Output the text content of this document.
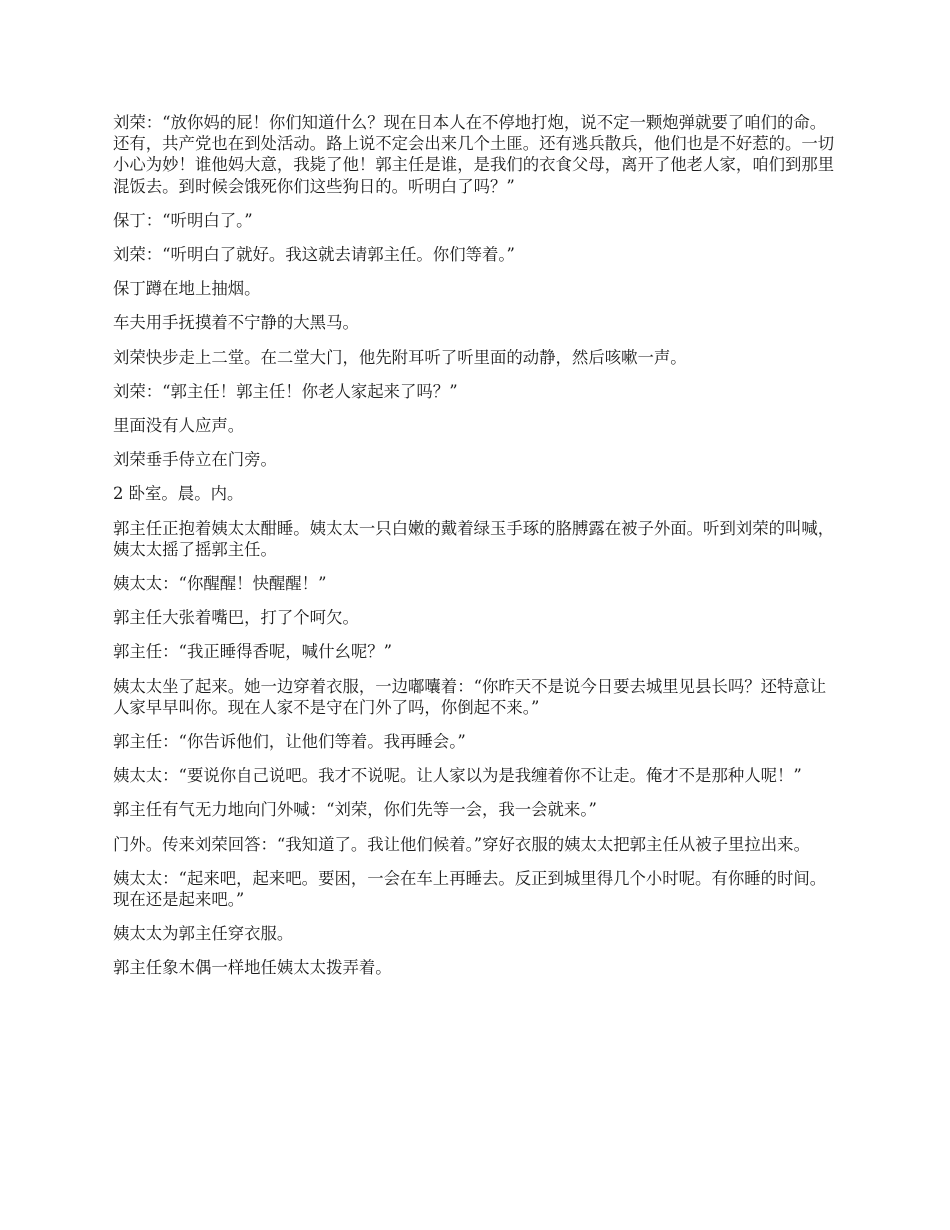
刘荣：“放你妈的屁！你们知道什么？现在日本人在不停地打炮，说不定一颗炮弹就要了咱们的命。还有，共产党也在到处活动。路上说不定会出来几个土匪。还有逃兵散兵，他们也是不好惹的。一切小心为妙！谁他妈大意，我毙了他！郭主任是谁，是我们的衣食父母，离开了他老人家，咱们到那里混饭去。到时候会饿死你们这些狗日的。听明白了吗？”

保丁：“听明白了。”

刘荣：“听明白了就好。我这就去请郭主任。你们等着。”

保丁蹲在地上抽烟。

车夫用手抚摸着不宁静的大黑马。

刘荣快步走上二堂。在二堂大门，他先附耳听了听里面的动静，然后咳嗽一声。

刘荣：“郭主任！郭主任！你老人家起来了吗？”

里面没有人应声。

刘荣垂手侍立在门旁。

2 卧室。晨。内。

郭主任正抱着姨太太酣睡。姨太太一只白嫩的戴着绿玉手琢的胳膊露在被子外面。听到刘荣的叫喊，姨太太摇了摇郭主任。

姨太太：“你醒醒！快醒醒！”

郭主任大张着嘴巴，打了个呵欠。

郭主任：“我正睡得香呢，喊什幺呢？”

姨太太坐了起来。她一边穿着衣服，一边嘟囔着：“你昨天不是说今日要去城里见县长吗？还特意让人家早早叫你。现在人家不是守在门外了吗，你倒起不来。”

郭主任：“你告诉他们，让他们等着。我再睡会。”

姨太太：“要说你自己说吧。我才不说呢。让人家以为是我缠着你不让走。俺才不是那种人呢！”

郭主任有气无力地向门外喊：“刘荣，你们先等一会，我一会就来。”

门外。传来刘荣回答：“我知道了。我让他们候着。”穿好衣服的姨太太把郭主任从被子里拉出来。

姨太太：“起来吧，起来吧。要困，一会在车上再睡去。反正到城里得几个小时呢。有你睡的时间。现在还是起来吧。”

姨太太为郭主任穿衣服。

郭主任象木偶一样地任姨太太拨弄着。
